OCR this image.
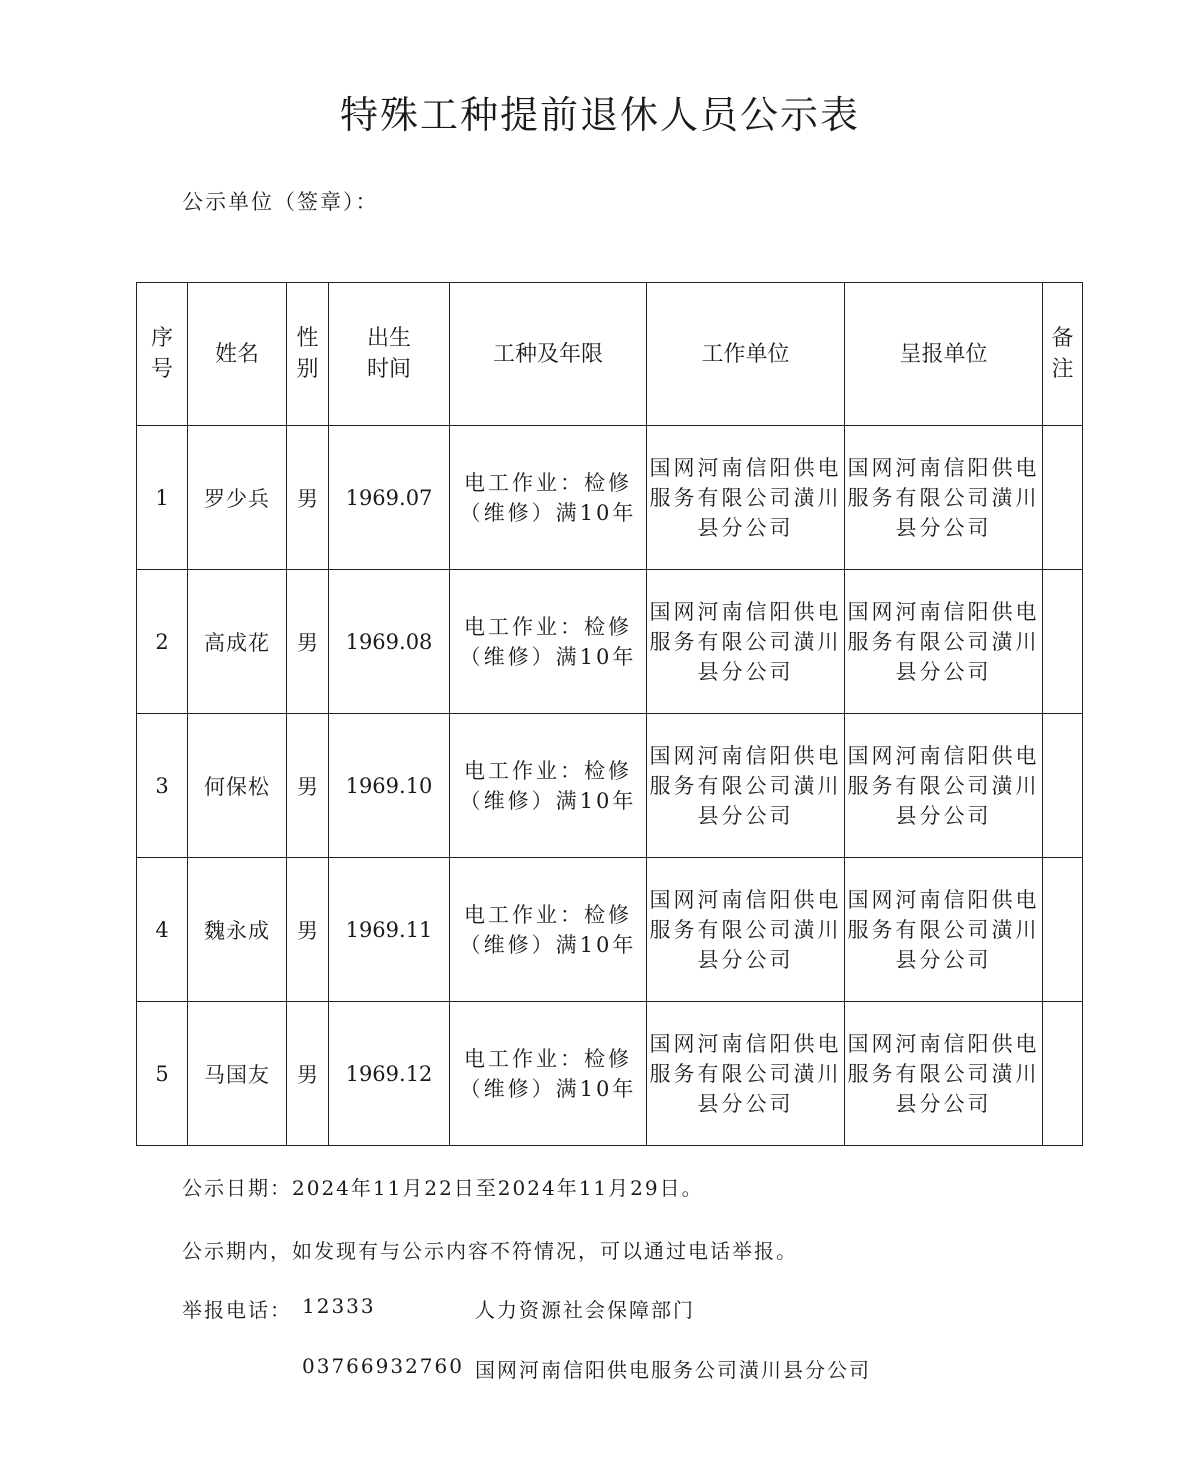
特殊工种提前退休人员公示表
公示单位（签章）：
序号	姓名	性别	出生时间	工种及年限	工作单位	呈报单位	备注
1	罗少兵	男	1969.07	电工作业：检修（维修）满10年	国网河南信阳供电服务有限公司潢川县分公司	国网河南信阳供电服务有限公司潢川县分公司	
2	高成花	男	1969.08	电工作业：检修（维修）满10年	国网河南信阳供电服务有限公司潢川县分公司	国网河南信阳供电服务有限公司潢川县分公司	
3	何保松	男	1969.10	电工作业：检修（维修）满10年	国网河南信阳供电服务有限公司潢川县分公司	国网河南信阳供电服务有限公司潢川县分公司	
4	魏永成	男	1969.11	电工作业：检修（维修）满10年	国网河南信阳供电服务有限公司潢川县分公司	国网河南信阳供电服务有限公司潢川县分公司	
5	马国友	男	1969.12	电工作业：检修（维修）满10年	国网河南信阳供电服务有限公司潢川县分公司	国网河南信阳供电服务有限公司潢川县分公司	
公示日期：2024年11月22日至2024年11月29日。
公示期内，如发现有与公示内容不符情况，可以通过电话举报。
举报电话： 12333	人力资源社会保障部门
03766932760 国网河南信阳供电服务公司潢川县分公司
